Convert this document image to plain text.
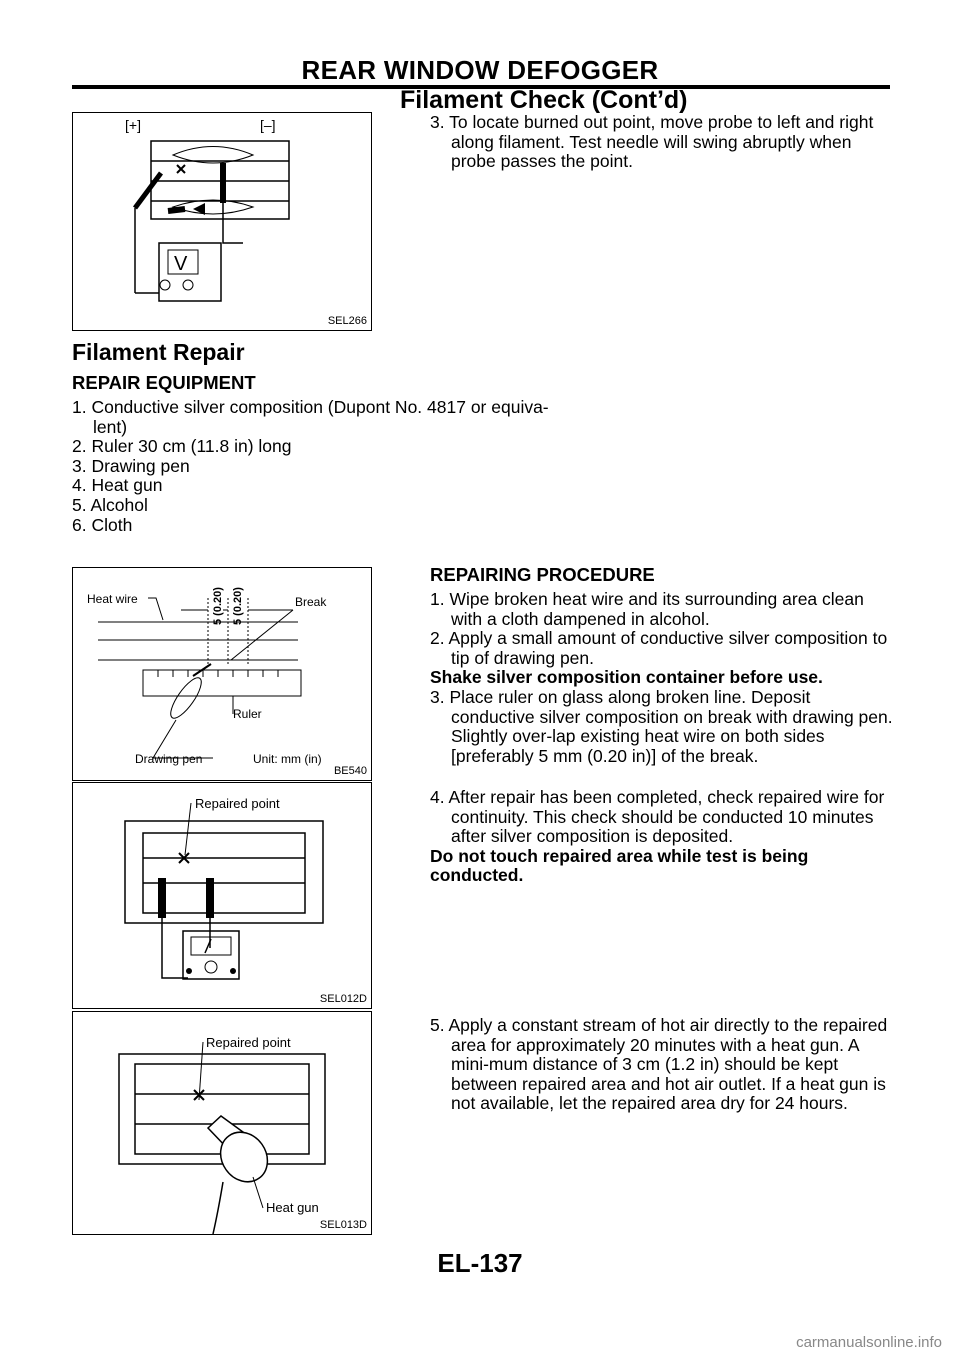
REAR WINDOW DEFOGGER
Filament Check (Cont’d)
[+]	[–]
V
SEL266

3. To locate burned out point, move probe to left and right along filament. Test needle will swing abruptly when probe passes the point.

Filament Repair
REPAIR EQUIPMENT

1. Conductive silver composition (Dupont No. 4817 or equiva-lent)

2. Ruler 30 cm (11.8 in) long

3. Drawing pen

4. Heat gun

5. Alcohol

6. Cloth

Heat wire	5 (0.20) 5 (0.20)	Break
Ruler
Drawing pen	Unit: mm (in)
BE540
REPAIRING PROCEDURE

1. Wipe broken heat wire and its surrounding area clean with a cloth dampened in alcohol.

2. Apply a small amount of conductive silver composition to tip of drawing pen.

Shake silver composition container before use.

3. Place ruler on glass along broken line. Deposit conductive silver composition on break with drawing pen. Slightly over-lap existing heat wire on both sides [preferably 5 mm (0.20 in)] of the break.

Repaired point
SEL012D

4. After repair has been completed, check repaired wire for continuity. This check should be conducted 10 minutes after silver composition is deposited.

Do not touch repaired area while test is being conducted.

Repaired point
Heat gun
SEL013D

5. Apply a constant stream of hot air directly to the repaired area for approximately 20 minutes with a heat gun. A mini-mum distance of 3 cm (1.2 in) should be kept between repaired area and hot air outlet. If a heat gun is not available, let the repaired area dry for 24 hours.

EL-137
carmanualsonline.info
